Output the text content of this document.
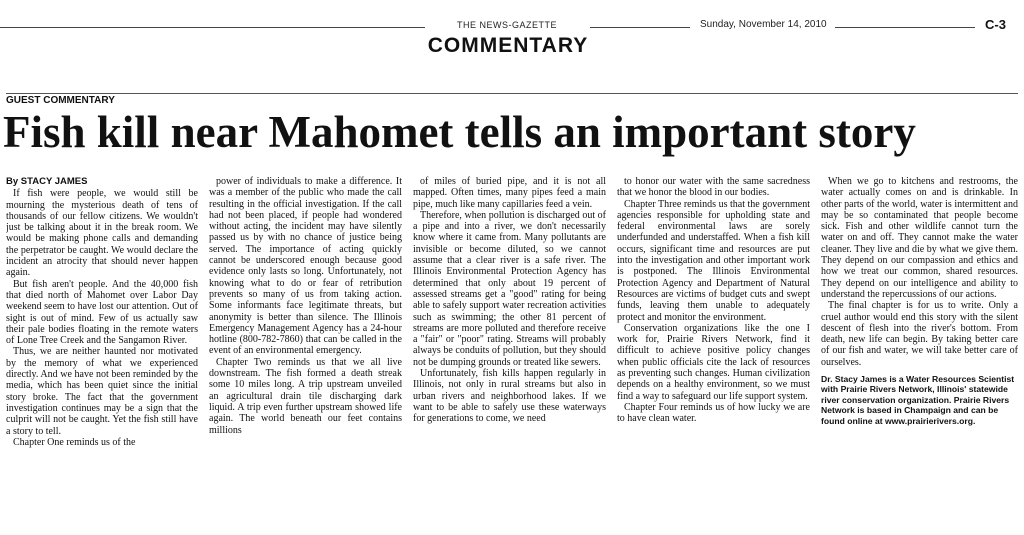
THE NEWS-GAZETTE	Sunday, November 14, 2010	C-3
COMMENTARY
GUEST COMMENTARY
Fish kill near Mahomet tells an important story
By STACY JAMES

If fish were people, we would still be mourning the mysterious death of tens of thousands of our fellow citizens. We wouldn't just be talking about it in the break room. We would be making phone calls and demanding the perpetrator be caught. We would declare the incident an atrocity that should never happen again.

But fish aren't people. And the 40,000 fish that died north of Mahomet over Labor Day weekend seem to have lost our attention. Out of sight is out of mind. Few of us actually saw their pale bodies floating in the remote waters of Lone Tree Creek and the Sangamon River.

Thus, we are neither haunted nor motivated by the memory of what we experienced directly. And we have not been reminded by the media, which has been quiet since the initial story broke. The fact that the government investigation continues may be a sign that the culprit will not be caught. Yet the fish still have a story to tell.

Chapter One reminds us of the

power of individuals to make a difference. It was a member of the public who made the call resulting in the official investigation. If the call had not been placed, if people had wondered without acting, the incident may have silently passed us by with no chance of justice being served. The importance of acting quickly cannot be underscored enough because good evidence only lasts so long. Unfortunately, not knowing what to do or fear of retribution prevents so many of us from taking action. Some informants face legitimate threats, but anonymity is better than silence. The Illinois Emergency Management Agency has a 24-hour hotline (800-782-7860) that can be called in the event of an environmental emergency.

Chapter Two reminds us that we all live downstream. The fish formed a death streak some 10 miles long. A trip upstream unveiled an agricultural drain tile discharging dark liquid. A trip even further upstream showed life again. The world beneath our feet contains millions

of miles of buried pipe, and it is not all mapped. Often times, many pipes feed a main pipe, much like many capillaries feed a vein.

Therefore, when pollution is discharged out of a pipe and into a river, we don't necessarily know where it came from. Many pollutants are invisible or become diluted, so we cannot assume that a clear river is a safe river. The Illinois Environmental Protection Agency has determined that only about 19 percent of assessed streams get a "good" rating for being able to safely support water recreation activities such as swimming; the other 81 percent of streams are more polluted and therefore receive a "fair" or "poor" rating. Streams will probably always be conduits of pollution, but they should not be dumping grounds or treated like sewers.

Unfortunately, fish kills happen regularly in Illinois, not only in rural streams but also in urban rivers and neighborhood lakes. If we want to be able to safely use these waterways for generations to come, we need

to honor our water with the same sacredness that we honor the blood in our bodies.

Chapter Three reminds us that the government agencies responsible for upholding state and federal environmental laws are sorely underfunded and understaffed. When a fish kill occurs, significant time and resources are put into the investigation and other important work is postponed. The Illinois Environmental Protection Agency and Department of Natural Resources are victims of budget cuts and swept funds, leaving them unable to adequately protect and monitor the environment.

Conservation organizations like the one I work for, Prairie Rivers Network, find it difficult to achieve positive policy changes when public officials cite the lack of resources as preventing such changes. Human civilization depends on a healthy environment, so we must find a way to safeguard our life support system.

Chapter Four reminds us of how lucky we are to have clean water.

When we go to kitchens and restrooms, the water actually comes on and is drinkable. In other parts of the world, water is intermittent and may be so contaminated that people become sick. Fish and other wildlife cannot turn the water on and off. They cannot make the water cleaner. They live and die by what we give them. They depend on our compassion and ethics and how we treat our common, shared resources. They depend on our intelligence and ability to understand the repercussions of our actions.

The final chapter is for us to write. Only a cruel author would end this story with the silent descent of flesh into the river's bottom. From death, new life can begin. By taking better care of our fish and water, we will take better care of ourselves.

Dr. Stacy James is a Water Resources Scientist with Prairie Rivers Network, Illinois' statewide river conservation organization. Prairie Rivers Network is based in Champaign and can be found online at www.prairierivers.org.
